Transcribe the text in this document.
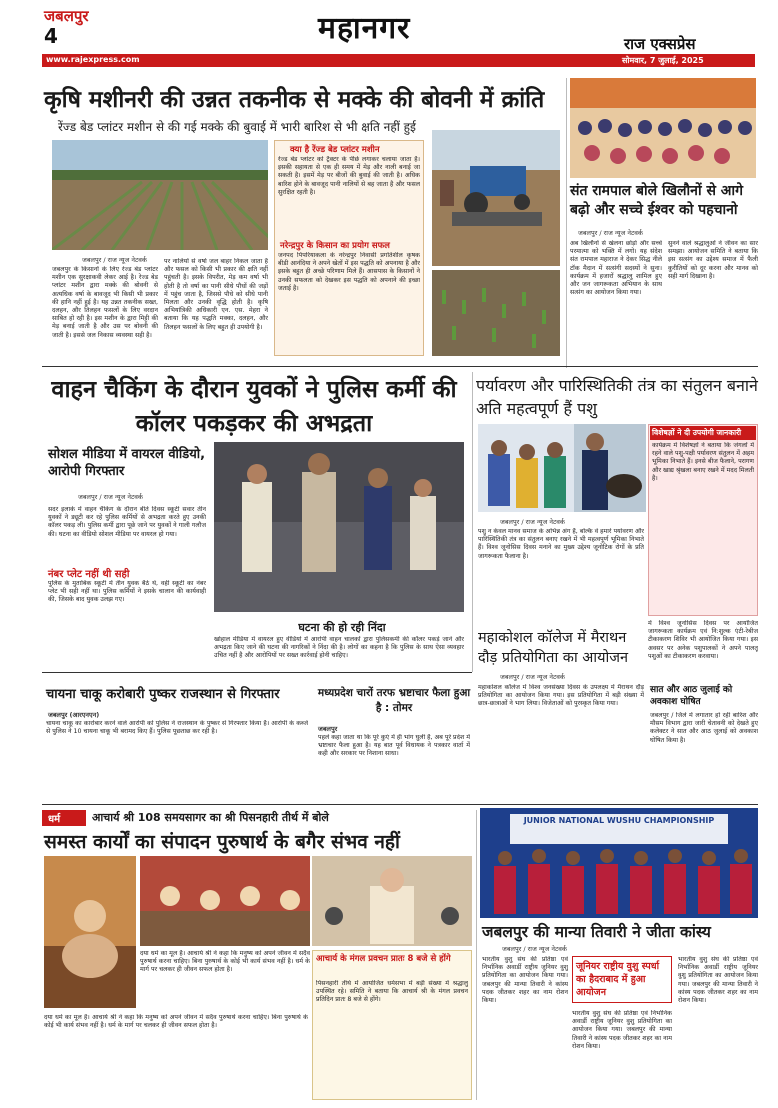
जबलपुर
4	महानगर	राज एक्सप्रेस
www.rajexpress.com	सोमवार, 7 जुलाई, 2025
कृषि मशीनरी की उन्नत तकनीक से मक्के की बोवनी में क्रांति
रेंज्ड बेड प्लांटर मशीन से की गई मक्के की बुवाई में भारी बारिश से भी क्षति नहीं हुई
जबलपुर / राज न्यूज नेटवर्क
जबलपुर के किसानों के लिए रेज्ड बेड प्लांटर मशीन एक सुरक्षाकवी लेकर आई है। रेज्ड बेड प्लांटर मशीन द्वारा मक्के की बोवनी से अत्यधिक वर्षा के बावजूद भी किसी भी प्रकार की हानि नहीं हुई है। यह उन्नत तकनीक सख्त, दलहन, और तिलहन फसलों के लिए वरदान साबित हो रही है। इस मशीन के द्वारा मिट्टी की मेड़ बनाई जाती है और उस पर बोवनी की जाती है। इससे जल निकास व्यवस्था सही है।
पर नालियों से वर्षा जल बाहर निकल जाता है और फसल को किसी भी प्रकार की क्षति नहीं पहुंचती है। इसके विपरीत, मेड़ कम वर्षा भी होती है तो वर्षा का पानी सीधे पौधों की जड़ों में पहुंच जाता है, जिससे पौधे को सीधे पानी मिलता और उनकी वृद्धि होती है। कृषि अभियांत्रिकी अधिकारी एन. एस. मेहरा ने बताया कि यह पद्धति मक्का, दलहन, और तिलहन फसलों के लिए बहुत ही उपयोगी है।
क्या है रेंज्ड बेड प्लांटर मशीन
रेज्ड बेड प्लांटर को ट्रैक्टर के पीछे लगाकर चलाया जाता है। इसकी सहायता से एक ही समय में मेड़ और नाली बनाई जा सकती है। इसमें मेड़ पर बीजों की बुवाई की जाती है। अधिक बारिश होने के बावजूद पानी नालियों से बह जाता है और फसल सुरक्षित रहती है।
नरेन्द्रपुर के किसान का प्रयोग सफल
जनपद पिपरियाकला के नरेन्द्रपुर निवासी प्रगतिशील कृषक बीडी आनंदिया ने अपने खेतों में इस पद्धति को अपनाया है और इसके बहुत ही अच्छे परिणाम मिले हैं। आसपास के किसानों ने उनकी सफलता को देखकर इस पद्धति को अपनाने की इच्छा जताई है।
संत रामपाल बोले खिलौनों से आगे बढ़ो और सच्चे ईश्वर को पहचानो
जबलपुर / राज न्यूज नेटवर्क
अब खिलौनों से खेलना छोड़ो और सच्चे परमात्मा को भक्ति में लगो। यह संदेश संत रामपाल महाराज ने देकर सिद्ध नीले टॉक मैदान में सत्संगी सदस्यों ने सुना। कार्यक्रम में हजारों श्रद्धालु शामिल हुए और जन जागरूकता अभियान के साथ सत्संग का आयोजन किया गया।
सुनने वाले श्रद्धालुओं ने जीवन का सार समझा। आयोजन समिति ने बताया कि इस सत्संग का उद्देश्य समाज में फैली कुरीतियों को दूर करना और मानव को सही मार्ग दिखाना है।
वाहन चैकिंग के दौरान युवकों ने पुलिस कर्मी की कॉलर पकड़कर की अभद्रता
सोशल मीडिया में वायरल वीडियो, आरोपी गिरफ्तार
जबलपुर / राज न्यूज नेटवर्क
सदर इलाके में वाहन चैकिंग के दौरान बीते दिवस स्कूटी सवार तीन युवकों ने ड्यूटी कर रहे पुलिस कर्मियों से अभद्रता करते हुए उनकी कॉलर पकड़ ली। पुलिस कर्मी द्वारा पूछे जाने पर युवकों ने गाली गलौज की। घटना का वीडियो सोशल मीडिया पर वायरल हो गया।
नंबर प्लेट नहीं थी सही
पुलिस के मुताबिक स्कूटी में तीन युवक बैठे थे, वहीं स्कूटी का नंबर प्लेट भी सही नहीं था। पुलिस कर्मियों ने इसके चालान की कार्यवाही की, जिसके बाद युवक उलझ गए।
घटना की हो रही निंदा
खोहाल मीडिया में वायरल हुए वीडियो में आरोपी वाहन चालकों द्वारा पुलिसकर्मी की कॉलर पकड़े जाने और अभद्रता किए जाने की घटना की नागरिकों ने निंदा की है। लोगों का कहना है कि पुलिस के साथ ऐसा व्यवहार उचित नहीं है और आरोपियों पर सख्त कार्रवाई होनी चाहिए।
पर्यावरण और पारिस्थितिकी तंत्र का संतुलन बनाने अति महत्वपूर्ण हैं पशु
विशेषज्ञों ने दी उपयोगी जानकारी
कार्यक्रम में विशेषज्ञों ने बताया कि जंगलों में रहने वाले पशु-पक्षी पर्यावरण संतुलन में अहम भूमिका निभाते हैं। इनसे बीज फैलाने, परागण और खाद्य श्रृंखला बनाए रखने में मदद मिलती है।
जबलपुर / राज न्यूज नेटवर्क
पशु न केवल मानव समाज के अभिन्न अंग हैं, बल्कि वे हमारे पर्यावरण और पारिस्थितिकी तंत्र का संतुलन बनाए रखने में भी महत्वपूर्ण भूमिका निभाते हैं। विश्व जूनोसिस दिवस मनाने का मुख्य उद्देश्य जूनोटिक रोगों के प्रति जागरूकता फैलाना है।
में विश्व जूनोसिस दिवस पर आयोजित जागरूकता कार्यक्रम एवं नि:शुल्क एंटी-रेबीज टीकाकरण शिविर भी आयोजित किया गया। इस अवसर पर अनेक पशुपालकों ने अपने पालतू पशुओं का टीकाकरण करवाया।
महाकोशल कॉलेज में मैराथन दौड़ प्रतियोगिता का आयोजन
जबलपुर / राज न्यूज नेटवर्क
महाकोशल कॉलेज में विश्व जनसंख्या दिवस के उपलक्ष्य में मैराथन दौड़ प्रतियोगिता का आयोजन किया गया। इस प्रतियोगिता में बड़ी संख्या में छात्र-छात्राओं ने भाग लिया। विजेताओं को पुरस्कृत किया गया।
सात और आठ जुलाई को अवकाश घोषित
जबलपुर / जिले में लगातार हो रही बारिश और मौसम विभाग द्वारा जारी चेतावनी को देखते हुए कलेक्टर ने सात और आठ जुलाई को अवकाश घोषित किया है।
चायना चाकू करोबारी पुष्कर राजस्थान से गिरफ्तार
जबलपुर (आरएनएन)
चायना चाकू का कारोबार करने वाले आरोपी को पुलिस ने राजस्थान के पुष्कर से गिरफ्तार किया है। आरोपी के कब्जे से पुलिस ने 10 चायना चाकू भी बरामद किए हैं। पुलिस पूछताछ कर रही है।
मध्यप्रदेश चारों तरफ भ्रष्टाचार फैला हुआ है : तोमर
जबलपुर
पहले कहा जाता था कि पूरे कुएं में ही भांग घुली है, अब पूरे प्रदेश में भ्रष्टाचार फैला हुआ है। यह बात पूर्व विधायक ने पत्रकार वार्ता में कही और सरकार पर निशाना साधा।
धर्म	आचार्य श्री 108 समयसागर का श्री पिसनहारी तीर्थ में बोले
समस्त कार्यों का संपादन पुरुषार्थ के बगैर संभव नहीं
दया धर्म का मूल है। आचार्य श्री ने कहा कि मनुष्य को अपने जीवन में सदैव पुरुषार्थ करना चाहिए। बिना पुरुषार्थ के कोई भी कार्य संभव नहीं है। धर्म के मार्ग पर चलकर ही जीवन सफल होता है।
आचार्य के मंगल प्रवचन प्रातः 8 बजे से होंगे
पिसनहारी तीर्थ में आयोजित धर्मसभा में बड़ी संख्या में श्रद्धालु उपस्थित रहे। समिति ने बताया कि आचार्य श्री के मंगल प्रवचन प्रतिदिन प्रातः 8 बजे से होंगे।
दया धर्म का मूल है। आचार्य श्री ने कहा कि मनुष्य को अपने जीवन में सदैव पुरुषार्थ करना चाहिए। बिना पुरुषार्थ के कोई भी कार्य संभव नहीं है। धर्म के मार्ग पर चलकर ही जीवन सफल होता है।
JUNIOR NATIONAL WUSHU CHAMPIONSHIP
जबलपुर की मान्या तिवारी ने जीता कांस्य
जबलपुर / राज न्यूज नेटवर्क
भारतीय वुशु संघ की प्रतिष्ठा एवं निर्भानिक अवार्डी राष्ट्रीय जूनियर वुशु प्रतियोगिता का आयोजन किया गया। जबलपुर की मान्या तिवारी ने कांस्य पदक जीतकर शहर का नाम रोशन किया।
जूनियर राष्ट्रीय वुशु स्पर्धा का हैदराबाद में हुआ आयोजन
भारतीय वुशु संघ की प्रतिष्ठा एवं निर्भानिक अवार्डी राष्ट्रीय जूनियर वुशु प्रतियोगिता का आयोजन किया गया। जबलपुर की मान्या तिवारी ने कांस्य पदक जीतकर शहर का नाम रोशन किया।
भारतीय वुशु संघ की प्रतिष्ठा एवं निर्भानिक अवार्डी राष्ट्रीय जूनियर वुशु प्रतियोगिता का आयोजन किया गया। जबलपुर की मान्या तिवारी ने कांस्य पदक जीतकर शहर का नाम रोशन किया।
